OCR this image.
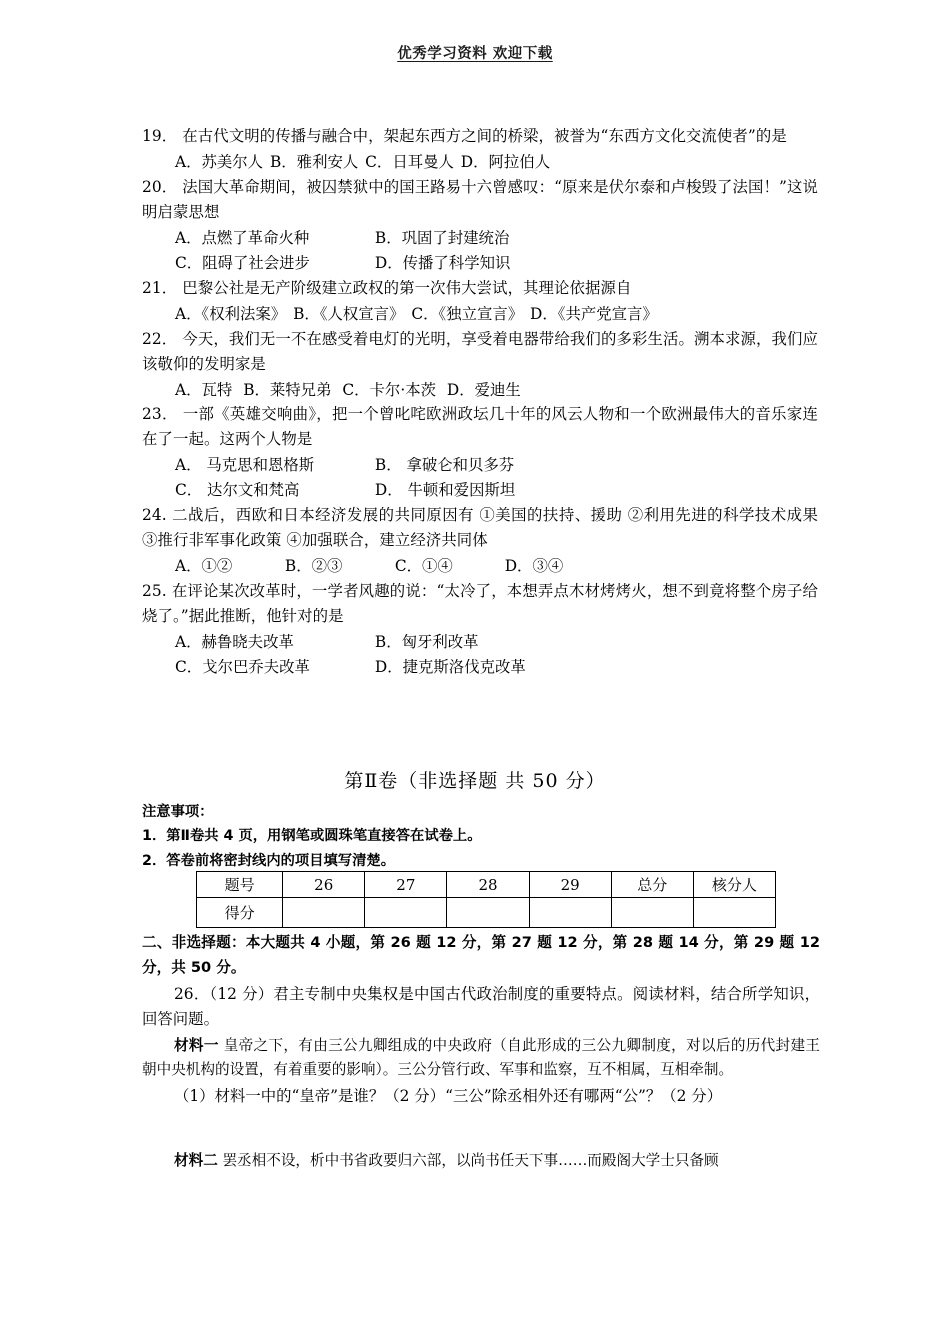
优秀学习资料 欢迎下载

19． 在古代文明的传播与融合中，架起东西方之间的桥梁，被誉为“东西方文化交流使者”的是

A．苏美尔人 B．雅利安人 C．日耳曼人 D．阿拉伯人

20． 法国大革命期间，被囚禁狱中的国王路易十六曾感叹：“原来是伏尔泰和卢梭毁了法国！”这说明启蒙思想

A．点燃了革命火种	B．巩固了封建统治
C．阻碍了社会进步	D．传播了科学知识

21． 巴黎公社是无产阶级建立政权的第一次伟大尝试，其理论依据源自

A．《权利法案》 B．《人权宣言》 C．《独立宣言》 D．《共产党宣言》

22． 今天，我们无一不在感受着电灯的光明，享受着电器带给我们的多彩生活。溯本求源，我们应该敬仰的发明家是

A．瓦特 B．莱特兄弟 C．卡尔·本茨 D．爱迪生

23． 一部《英雄交响曲》，把一个曾叱咤欧洲政坛几十年的风云人物和一个欧洲最伟大的音乐家连在了一起。这两个人物是

A． 马克思和恩格斯	B． 拿破仑和贝多芬
C． 达尔文和梵高	D． 牛顿和爱因斯坦

24. 二战后，西欧和日本经济发展的共同原因有 ①美国的扶持、援助 ②利用先进的科学技术成果 ③推行非军事化政策 ④加强联合，建立经济共同体

A．①②	B．②③	C．①④	D．③④

25. 在评论某次改革时，一学者风趣的说：“太冷了，本想弄点木材烤烤火，想不到竟将整个房子给烧了。”据此推断，他针对的是

A．赫鲁晓夫改革	B．匈牙利改革
C．戈尔巴乔夫改革	D．捷克斯洛伐克改革
第Ⅱ卷（非选择题 共 50 分）
注意事项：
1．第Ⅱ卷共 4 页，用钢笔或圆珠笔直接答在试卷上。
2．答卷前将密封线内的项目填写清楚。
题号	26	27	28	29	总分	核分人
得分						

二、非选择题：本大题共 4 小题，第 26 题 12 分，第 27 题 12 分，第 28 题 14 分，第 29 题 12 分，共 50 分。

26．（12 分）君主专制中央集权是中国古代政治制度的重要特点。阅读材料，结合所学知识，回答问题。

材料一 皇帝之下，有由三公九卿组成的中央政府（自此形成的三公九卿制度，对以后的历代封建王朝中央机构的设置，有着重要的影响）。三公分管行政、军事和监察，互不相属，互相牵制。

（1）材料一中的“皇帝”是谁？（2 分）“三公”除丞相外还有哪两“公”？（2 分）

材料二 罢丞相不设，析中书省政要归六部，以尚书任天下事……而殿阁大学士只备顾
